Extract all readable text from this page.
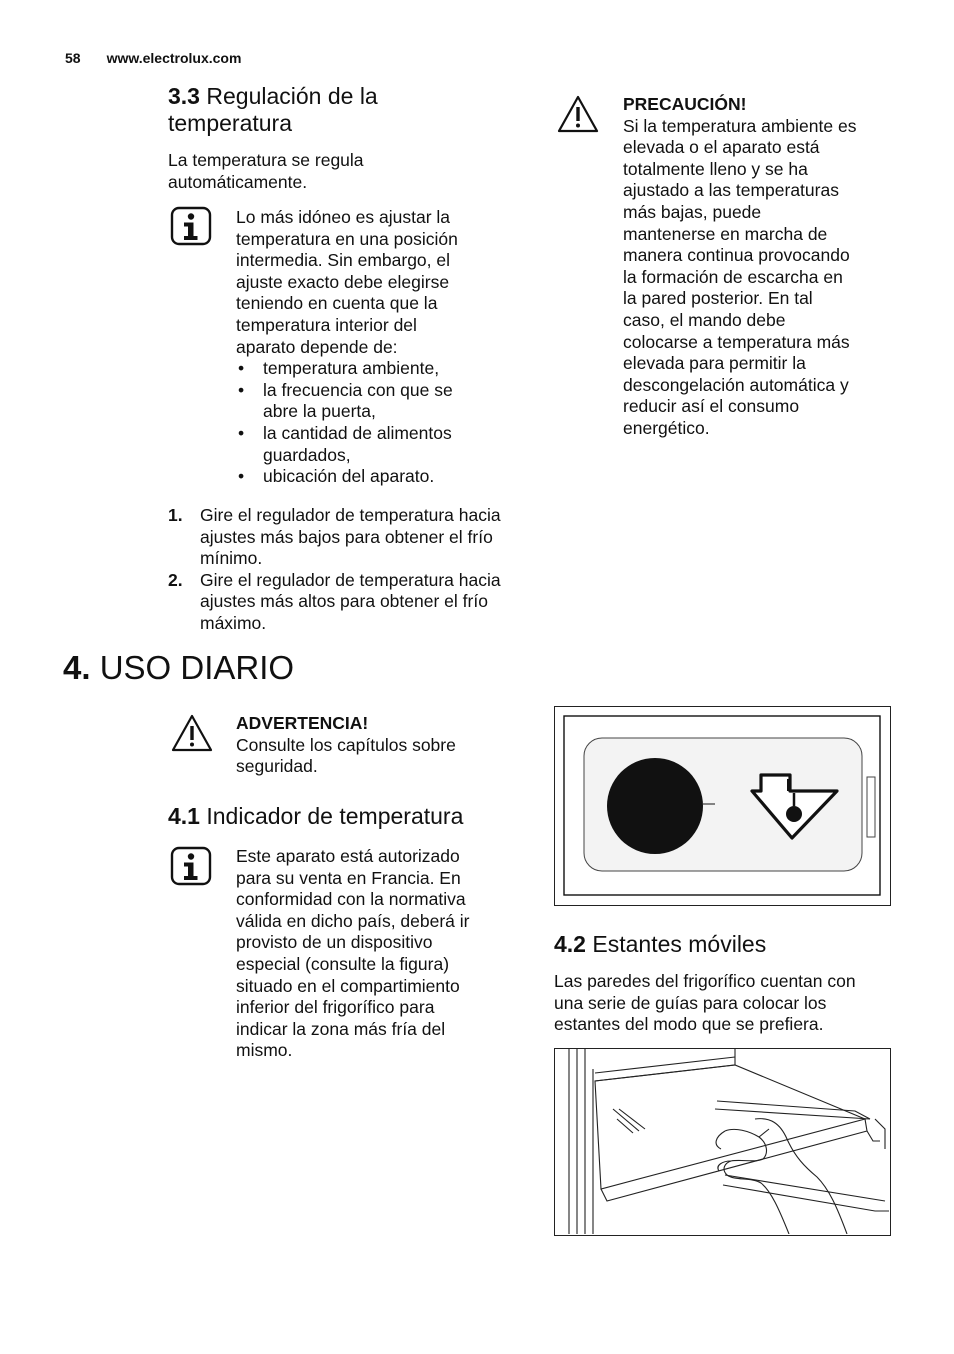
58 www.electrolux.com
3.3 Regulación de la
temperatura
La temperatura se regula
automáticamente.
Lo más idóneo es ajustar la
temperatura en una posición
intermedia. Sin embargo, el
ajuste exacto debe elegirse
teniendo en cuenta que la
temperatura interior del
aparato depende de:
• temperatura ambiente,
• la frecuencia con que se
abre la puerta,
• la cantidad de alimentos
guardados,
• ubicación del aparato.
1. Gire el regulador de temperatura hacia
ajustes más bajos para obtener el frío
mínimo.
2. Gire el regulador de temperatura hacia
ajustes más altos para obtener el frío
máximo.
PRECAUCIÓN!
Si la temperatura ambiente es
elevada o el aparato está
totalmente lleno y se ha
ajustado a las temperaturas
más bajas, puede
mantenerse en marcha de
manera continua provocando
la formación de escarcha en
la pared posterior. En tal
caso, el mando debe
colocarse a temperatura más
elevada para permitir la
descongelación automática y
reducir así el consumo
energético.
4. USO DIARIO
ADVERTENCIA!
Consulte los capítulos sobre
seguridad.
4.1 Indicador de temperatura
Este aparato está autorizado
para su venta en Francia. En
conformidad con la normativa
válida en dicho país, deberá ir
provisto de un dispositivo
especial (consulte la figura)
situado en el compartimiento
inferior del frigorífico para
indicar la zona más fría del
mismo.
4.2 Estantes móviles
Las paredes del frigorífico cuentan con
una serie de guías para colocar los
estantes del modo que se prefiera.
